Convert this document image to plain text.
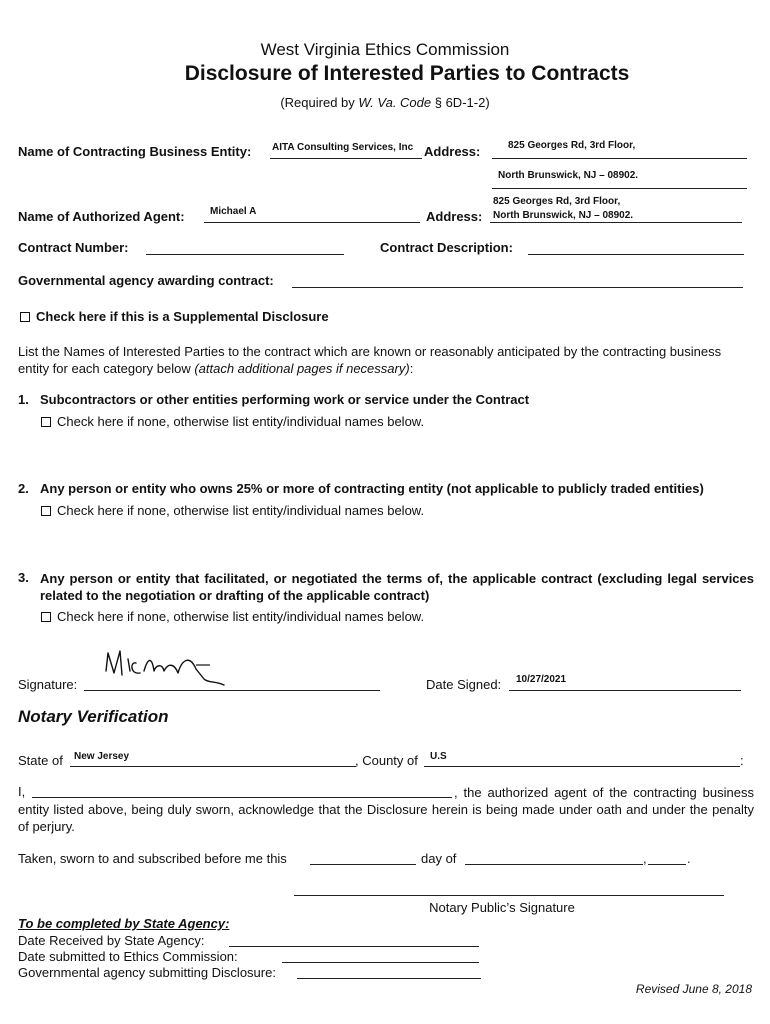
West Virginia Ethics Commission
Disclosure of Interested Parties to Contracts
(Required by W. Va. Code § 6D-1-2)
Name of Contracting Business Entity: AITA Consulting Services, Inc Address:	825 Georges Rd, 3rd Floor,
North Brunswick, NJ – 08902.
Name of Authorized Agent:	Michael A	Address:
825 Georges Rd, 3rd Floor,
North Brunswick, NJ – 08902.
Contract Number:	Contract Description:
Governmental agency awarding contract:
Check here if this is a Supplemental Disclosure
List the Names of Interested Parties to the contract which are known or reasonably anticipated by the contracting business entity for each category below (attach additional pages if necessary):
1. Subcontractors or other entities performing work or service under the Contract
Check here if none, otherwise list entity/individual names below.
2. Any person or entity who owns 25% or more of contracting entity (not applicable to publicly traded entities)
Check here if none, otherwise list entity/individual names below.
3. Any person or entity that facilitated, or negotiated the terms of, the applicable contract (excluding legal services related to the negotiation or drafting of the applicable contract)
Check here if none, otherwise list entity/individual names below.
Signature:	Date Signed: 10/27/2021
Notary Verification
State of New Jersey	, County of U.S	:
I,	, the authorized agent of the contracting business entity listed above, being duly sworn, acknowledge that the Disclosure herein is being made under oath and under the penalty of perjury.
Taken, sworn to and subscribed before me this	day of	,	.
Notary Public’s Signature
To be completed by State Agency:
Date Received by State Agency:
Date submitted to Ethics Commission:
Governmental agency submitting Disclosure:
Revised June 8, 2018
